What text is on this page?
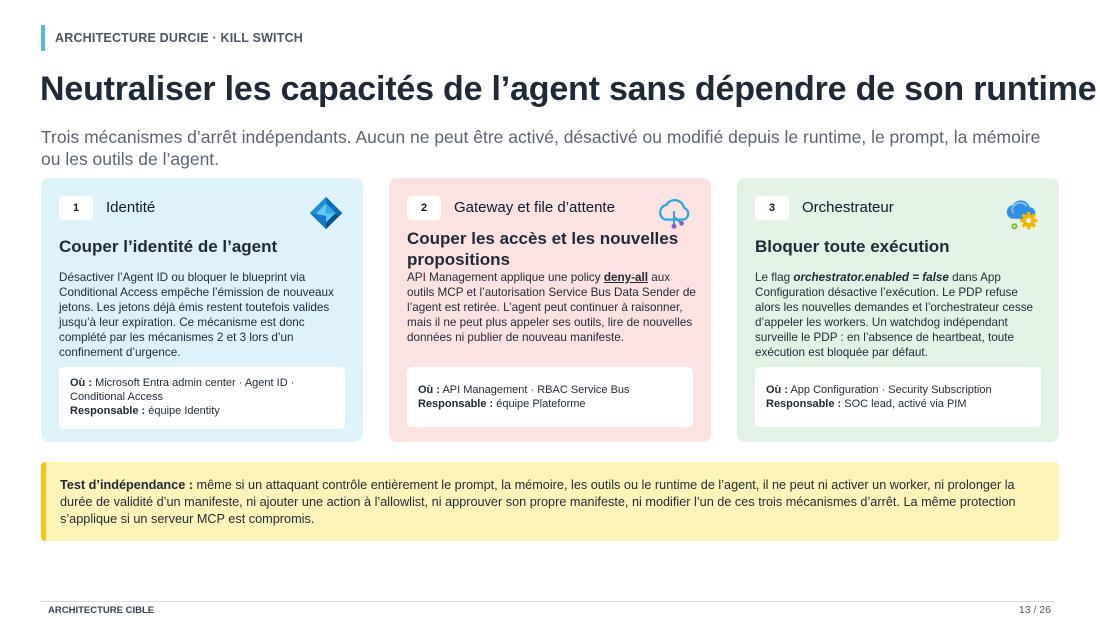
ARCHITECTURE DURCIE · KILL SWITCH
Neutraliser les capacités de l’agent sans dépendre de son runtime

Trois mécanismes d’arrêt indépendants. Aucun ne peut être activé, désactivé ou modifié depuis le runtime, le prompt, la mémoire ou les outils de l’agent.

1	Identité
Couper l’identité de l’agent
Désactiver l’Agent ID ou bloquer le blueprint via Conditional Access empêche l’émission de nouveaux jetons. Les jetons déjà émis restent toutefois valides jusqu’à leur expiration. Ce mécanisme est donc complété par les mécanismes 2 et 3 lors d’un confinement d’urgence.
Où : Microsoft Entra admin center · Agent ID · Conditional Access
Responsable : équipe Identity
2	Gateway et file d’attente
Couper les accès et les nouvelles propositions
API Management applique une policy deny-all aux outils MCP et l’autorisation Service Bus Data Sender de l’agent est retirée. L’agent peut continuer à raisonner, mais il ne peut plus appeler ses outils, lire de nouvelles données ni publier de nouveau manifeste.
Où : API Management · RBAC Service Bus
Responsable : équipe Plateforme
3	Orchestrateur
Bloquer toute exécution
Le flag orchestrator.enabled = false dans App Configuration désactive l’exécution. Le PDP refuse alors les nouvelles demandes et l’orchestrateur cesse d’appeler les workers. Un watchdog indépendant surveille le PDP : en l’absence de heartbeat, toute exécution est bloquée par défaut.
Où : App Configuration · Security Subscription
Responsable : SOC lead, activé via PIM
Test d’indépendance : même si un attaquant contrôle entièrement le prompt, la mémoire, les outils ou le runtime de l’agent, il ne peut ni activer un worker, ni prolonger la durée de validité d’un manifeste, ni ajouter une action à l’allowlist, ni approuver son propre manifeste, ni modifier l’un de ces trois mécanismes d’arrêt. La même protection s’applique si un serveur MCP est compromis.
ARCHITECTURE CIBLE	13 / 26
